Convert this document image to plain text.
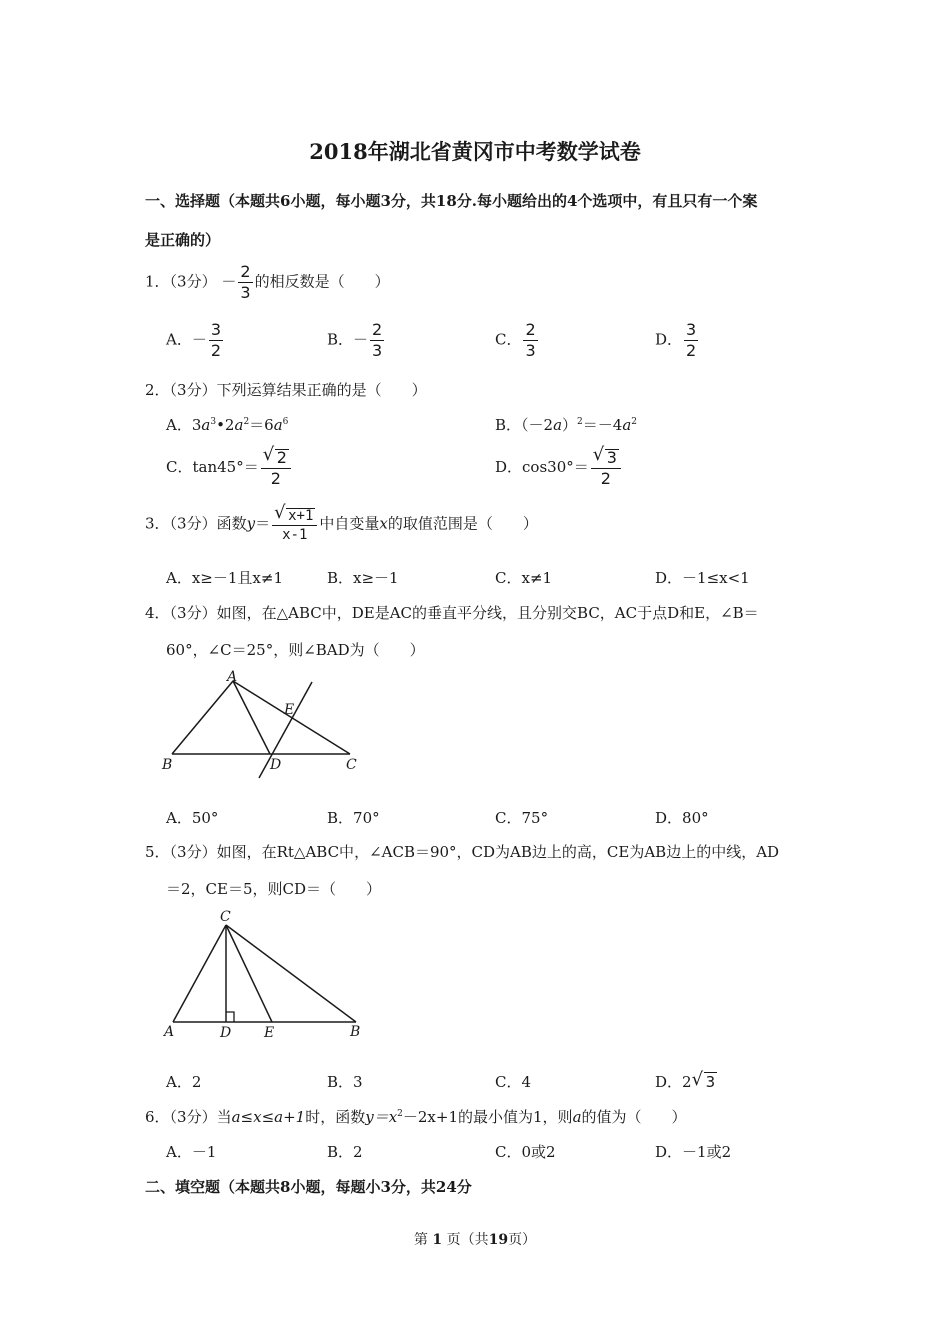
2018年湖北省黄冈市中考数学试卷
一、选择题（本题共6小题，每小题3分，共18分.每小题给出的4个选项中，有且只有一个案
是正确的）
1．（3分） － $\frac{2}{3}$ 的相反数是（　　）
A．－ $\frac{3}{2}$	B．－ $\frac{2}{3}$	C． $\frac{2}{3}$	D． $\frac{3}{2}$
2．（3分）下列运算结果正确的是（　　）
A．$3a^3•2a^2=6a^6$	B．$(-2a)^2=-4a^2$
C．$\tan 45^\circ= \frac{√ 2}{2}$	D．$\cos 30^\circ= \frac{√ 3}{2}$
3．（3分）函数$y= \frac{√ x+1}{x-1}$ 中自变量x的取值范围是（　　）
A．x≥－1且x≠1	B．x≥－1	C．x≠1	D．－1≤x<1
4．（3分）如图，在△ABC中，DE是AC的垂直平分线，且分别交BC，AC于点D和E，∠B＝
60°，∠C＝25°，则∠BAD为（　　）
A
B	C
D
E
A．50°	B．70°	C．75°	D．80°
5．（3分）如图，在Rt△ABC中，∠ACB＝90°，CD为AB边上的高，CE为AB边上的中线，AD
＝2，CE＝5，则CD＝（　　）
C
A	D E	B
A．2	B．3	C．4	D．2 √ 3
6．（3分）当a≤x≤a+1时，函数$y=x^2-2x+1$的最小值为1，则a的值为（　　）
A．－1	B．2	C．0或2	D．－1或2
二、填空题（本题共8小题，每题小3分，共24分
第 1 页（共19页）
